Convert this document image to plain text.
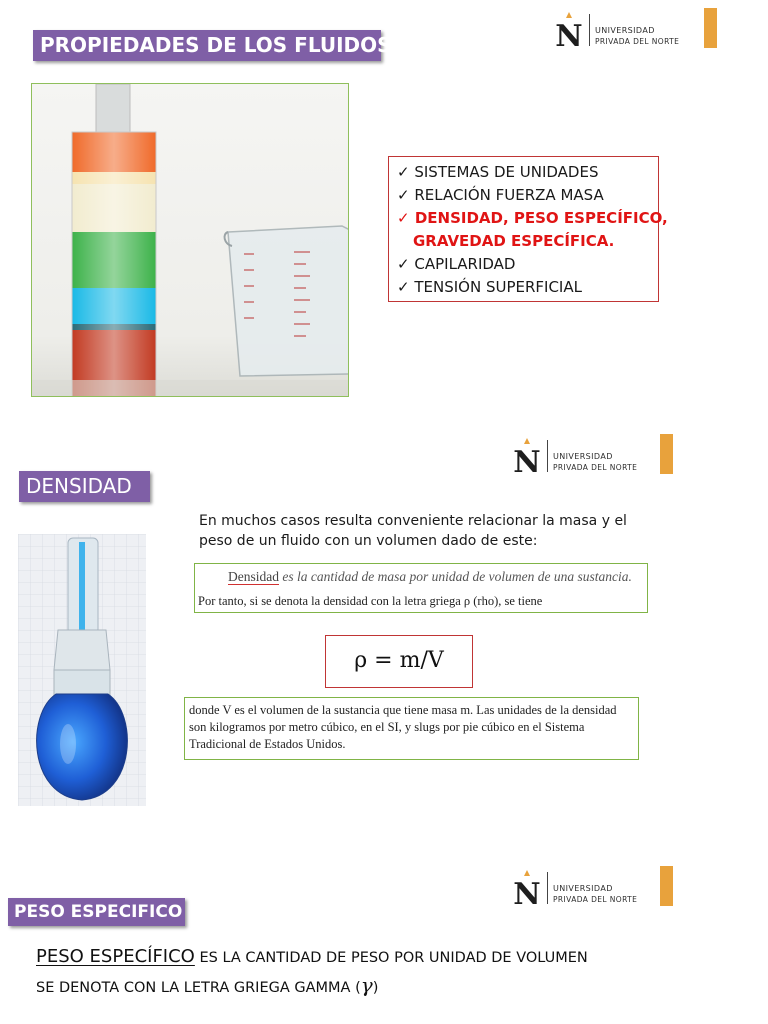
PROPIEDADES DE LOS FLUIDOS	N UNIVERSIDAD
PRIVADA DEL NORTE
✓ SISTEMAS DE UNIDADES
✓ RELACIÓN FUERZA MASA
✓ DENSIDAD, PESO ESPECÍFICO,
GRAVEDAD ESPECÍFICA.
✓ CAPILARIDAD
✓ TENSIÓN SUPERFICIAL
N UNIVERSIDAD
PRIVADA DEL NORTE
DENSIDAD
En muchos casos resulta conveniente relacionar la masa y el peso de un fluido con un volumen dado de este:
Densidad es la cantidad de masa por unidad de volumen de una sustancia.
Por tanto, si se denota la densidad con la letra griega ρ (rho), se tiene
ρ = m/V
donde V es el volumen de la sustancia que tiene masa m. Las unidades de la densidad son kilogramos por metro cúbico, en el SI, y slugs por pie cúbico en el Sistema Tradicional de Estados Unidos.
N UNIVERSIDAD
PRIVADA DEL NORTE
PESO ESPECIFICO
PESO ESPECÍFICO ES LA CANTIDAD DE PESO POR UNIDAD DE VOLUMEN
SE DENOTA CON LA LETRA GRIEGA GAMMA (γ)
